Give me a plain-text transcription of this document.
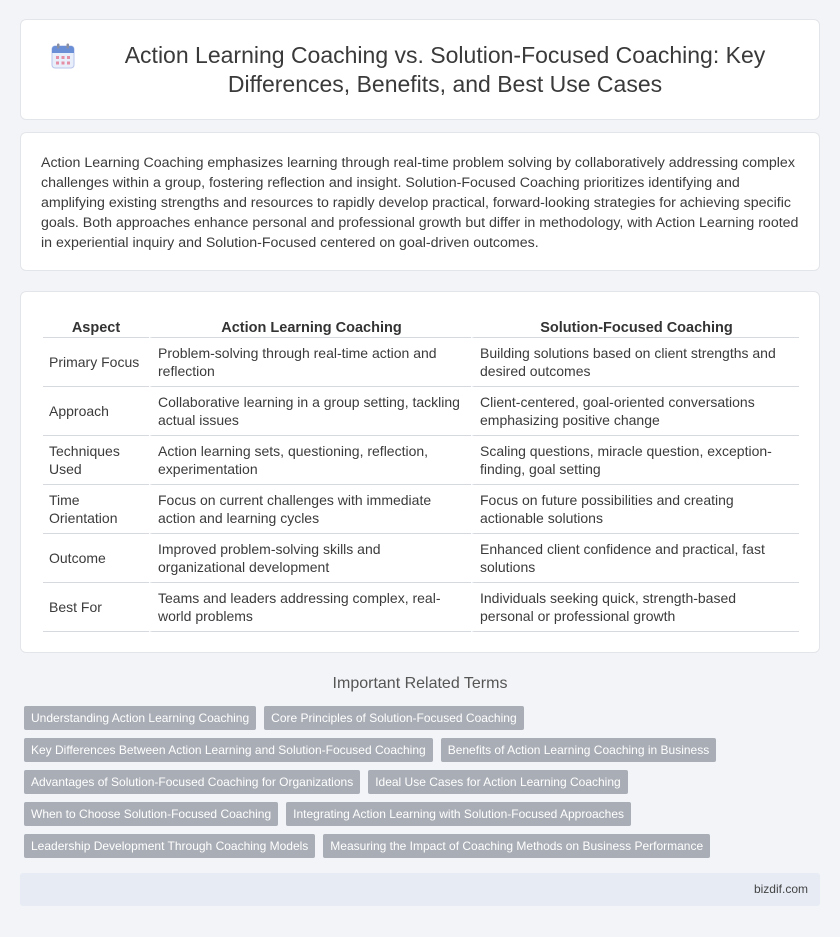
Action Learning Coaching vs. Solution-Focused Coaching: Key Differences, Benefits, and Best Use Cases

Action Learning Coaching emphasizes learning through real-time problem solving by collaboratively addressing complex challenges within a group, fostering reflection and insight. Solution-Focused Coaching prioritizes identifying and amplifying existing strengths and resources to rapidly develop practical, forward-looking strategies for achieving specific goals. Both approaches enhance personal and professional growth but differ in methodology, with Action Learning rooted in experiential inquiry and Solution-Focused centered on goal-driven outcomes.

Aspect	Action Learning Coaching	Solution-Focused Coaching
Primary Focus	Problem-solving through real-time action and reflection	Building solutions based on client strengths and desired outcomes
Approach	Collaborative learning in a group setting, tackling actual issues	Client-centered, goal-oriented conversations emphasizing positive change
Techniques Used	Action learning sets, questioning, reflection, experimentation	Scaling questions, miracle question, exception-finding, goal setting
Time Orientation	Focus on current challenges with immediate action and learning cycles	Focus on future possibilities and creating actionable solutions
Outcome	Improved problem-solving skills and organizational development	Enhanced client confidence and practical, fast solutions
Best For	Teams and leaders addressing complex, real-world problems	Individuals seeking quick, strength-based personal or professional growth
Important Related Terms
Understanding Action Learning Coaching	Core Principles of Solution-Focused Coaching
Key Differences Between Action Learning and Solution-Focused Coaching	Benefits of Action Learning Coaching in Business
Advantages of Solution-Focused Coaching for Organizations	Ideal Use Cases for Action Learning Coaching
When to Choose Solution-Focused Coaching	Integrating Action Learning with Solution-Focused Approaches
Leadership Development Through Coaching Models	Measuring the Impact of Coaching Methods on Business Performance
bizdif.com
